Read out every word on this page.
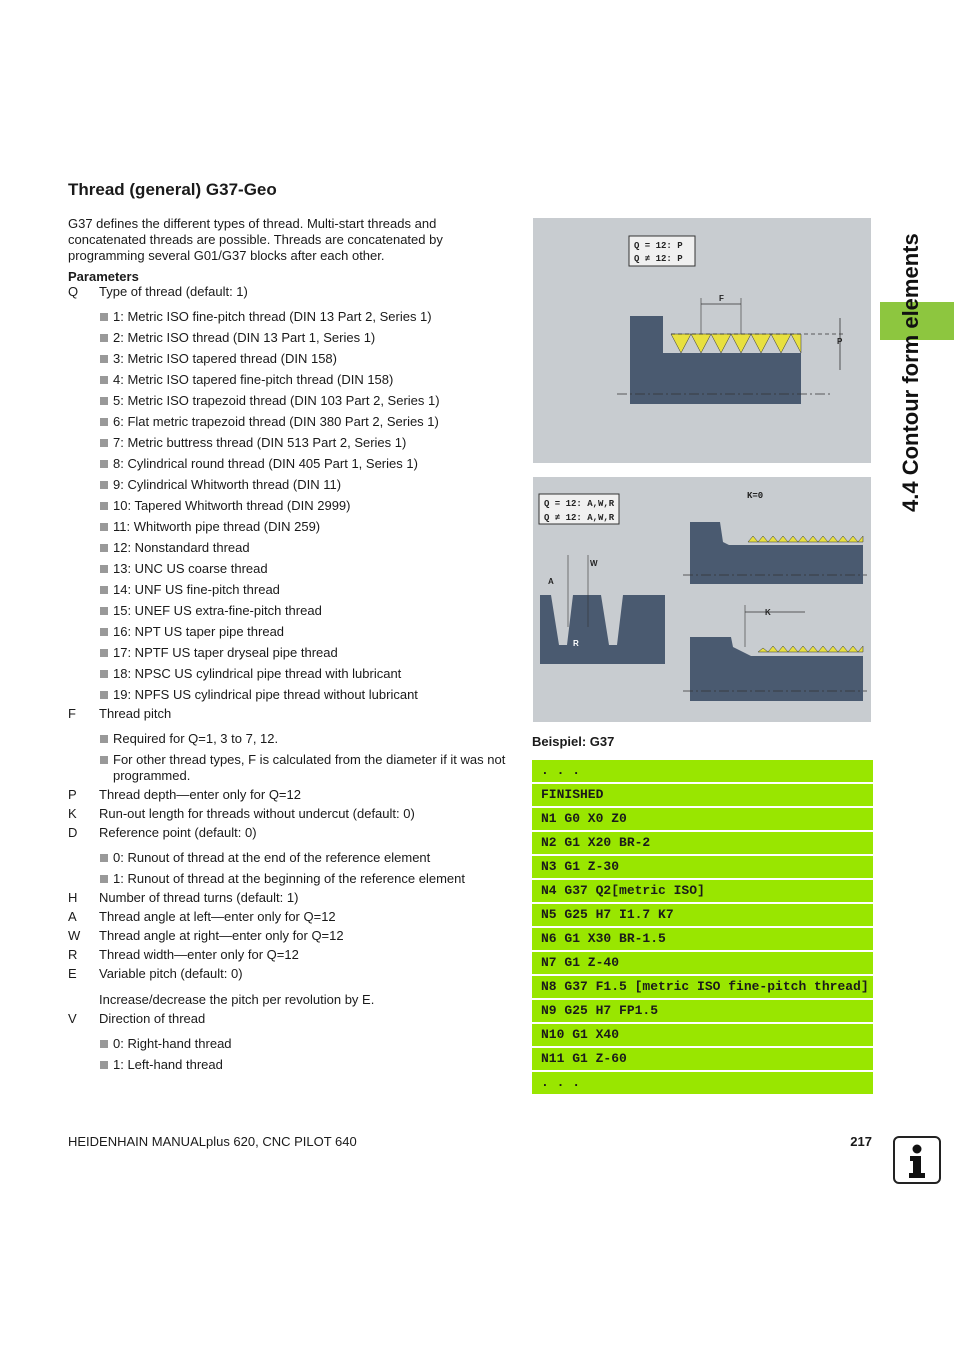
4.4 Contour form elements
Thread (general) G37-Geo
G37 defines the different types of thread. Multi-start threads and concatenated threads are possible. Threads are concatenated by programming several G01/G37 blocks after each other.
Parameters
Q Type of thread (default: 1)
1: Metric ISO fine-pitch thread (DIN 13 Part 2, Series 1)
2: Metric ISO thread (DIN 13 Part 1, Series 1)
3: Metric ISO tapered thread (DIN 158)
4: Metric ISO tapered fine-pitch thread (DIN 158)
5: Metric ISO trapezoid thread (DIN 103 Part 2, Series 1)
6: Flat metric trapezoid thread (DIN 380 Part 2, Series 1)
7: Metric buttress thread (DIN 513 Part 2, Series 1)
8: Cylindrical round thread (DIN 405 Part 1, Series 1)
9: Cylindrical Whitworth thread (DIN 11)
10: Tapered Whitworth thread (DIN 2999)
11: Whitworth pipe thread (DIN 259)
12: Nonstandard thread
13: UNC US coarse thread
14: UNF US fine-pitch thread
15: UNEF US extra-fine-pitch thread
16: NPT US taper pipe thread
17: NPTF US taper dryseal pipe thread
18: NPSC US cylindrical pipe thread with lubricant
19: NPFS US cylindrical pipe thread without lubricant
F Thread pitch
Required for Q=1, 3 to 7, 12.
For other thread types, F is calculated from the diameter if it was not programmed.
P Thread depth—enter only for Q=12
K Run-out length for threads without undercut (default: 0)
D Reference point (default: 0)
0: Runout of thread at the end of the reference element
1: Runout of thread at the beginning of the reference element
H Number of thread turns (default: 1)
A Thread angle at left—enter only for Q=12
W Thread angle at right—enter only for Q=12
R Thread width—enter only for Q=12
E Variable pitch (default: 0)
Increase/decrease the pitch per revolution by E.
V Direction of thread
0: Right-hand thread
1: Left-hand thread
Q = 12: P
Q ≠ 12: P
F
P
Q = 12: A,W,R
Q ≠ 12: A,W,R
K=0
K
A
W
R
Beispiel: G37
. . .
FINISHED
N1 G0 X0 Z0
N2 G1 X20 BR-2
N3 G1 Z-30
N4 G37 Q2[metric ISO]
N5 G25 H7 I1.7 K7
N6 G1 X30 BR-1.5
N7 G1 Z-40
N8 G37 F1.5 [metric ISO fine-pitch thread]
N9 G25 H7 FP1.5
N10 G1 X40
N11 G1 Z-60
. . .
HEIDENHAIN MANUALplus 620, CNC PILOT 640	217
